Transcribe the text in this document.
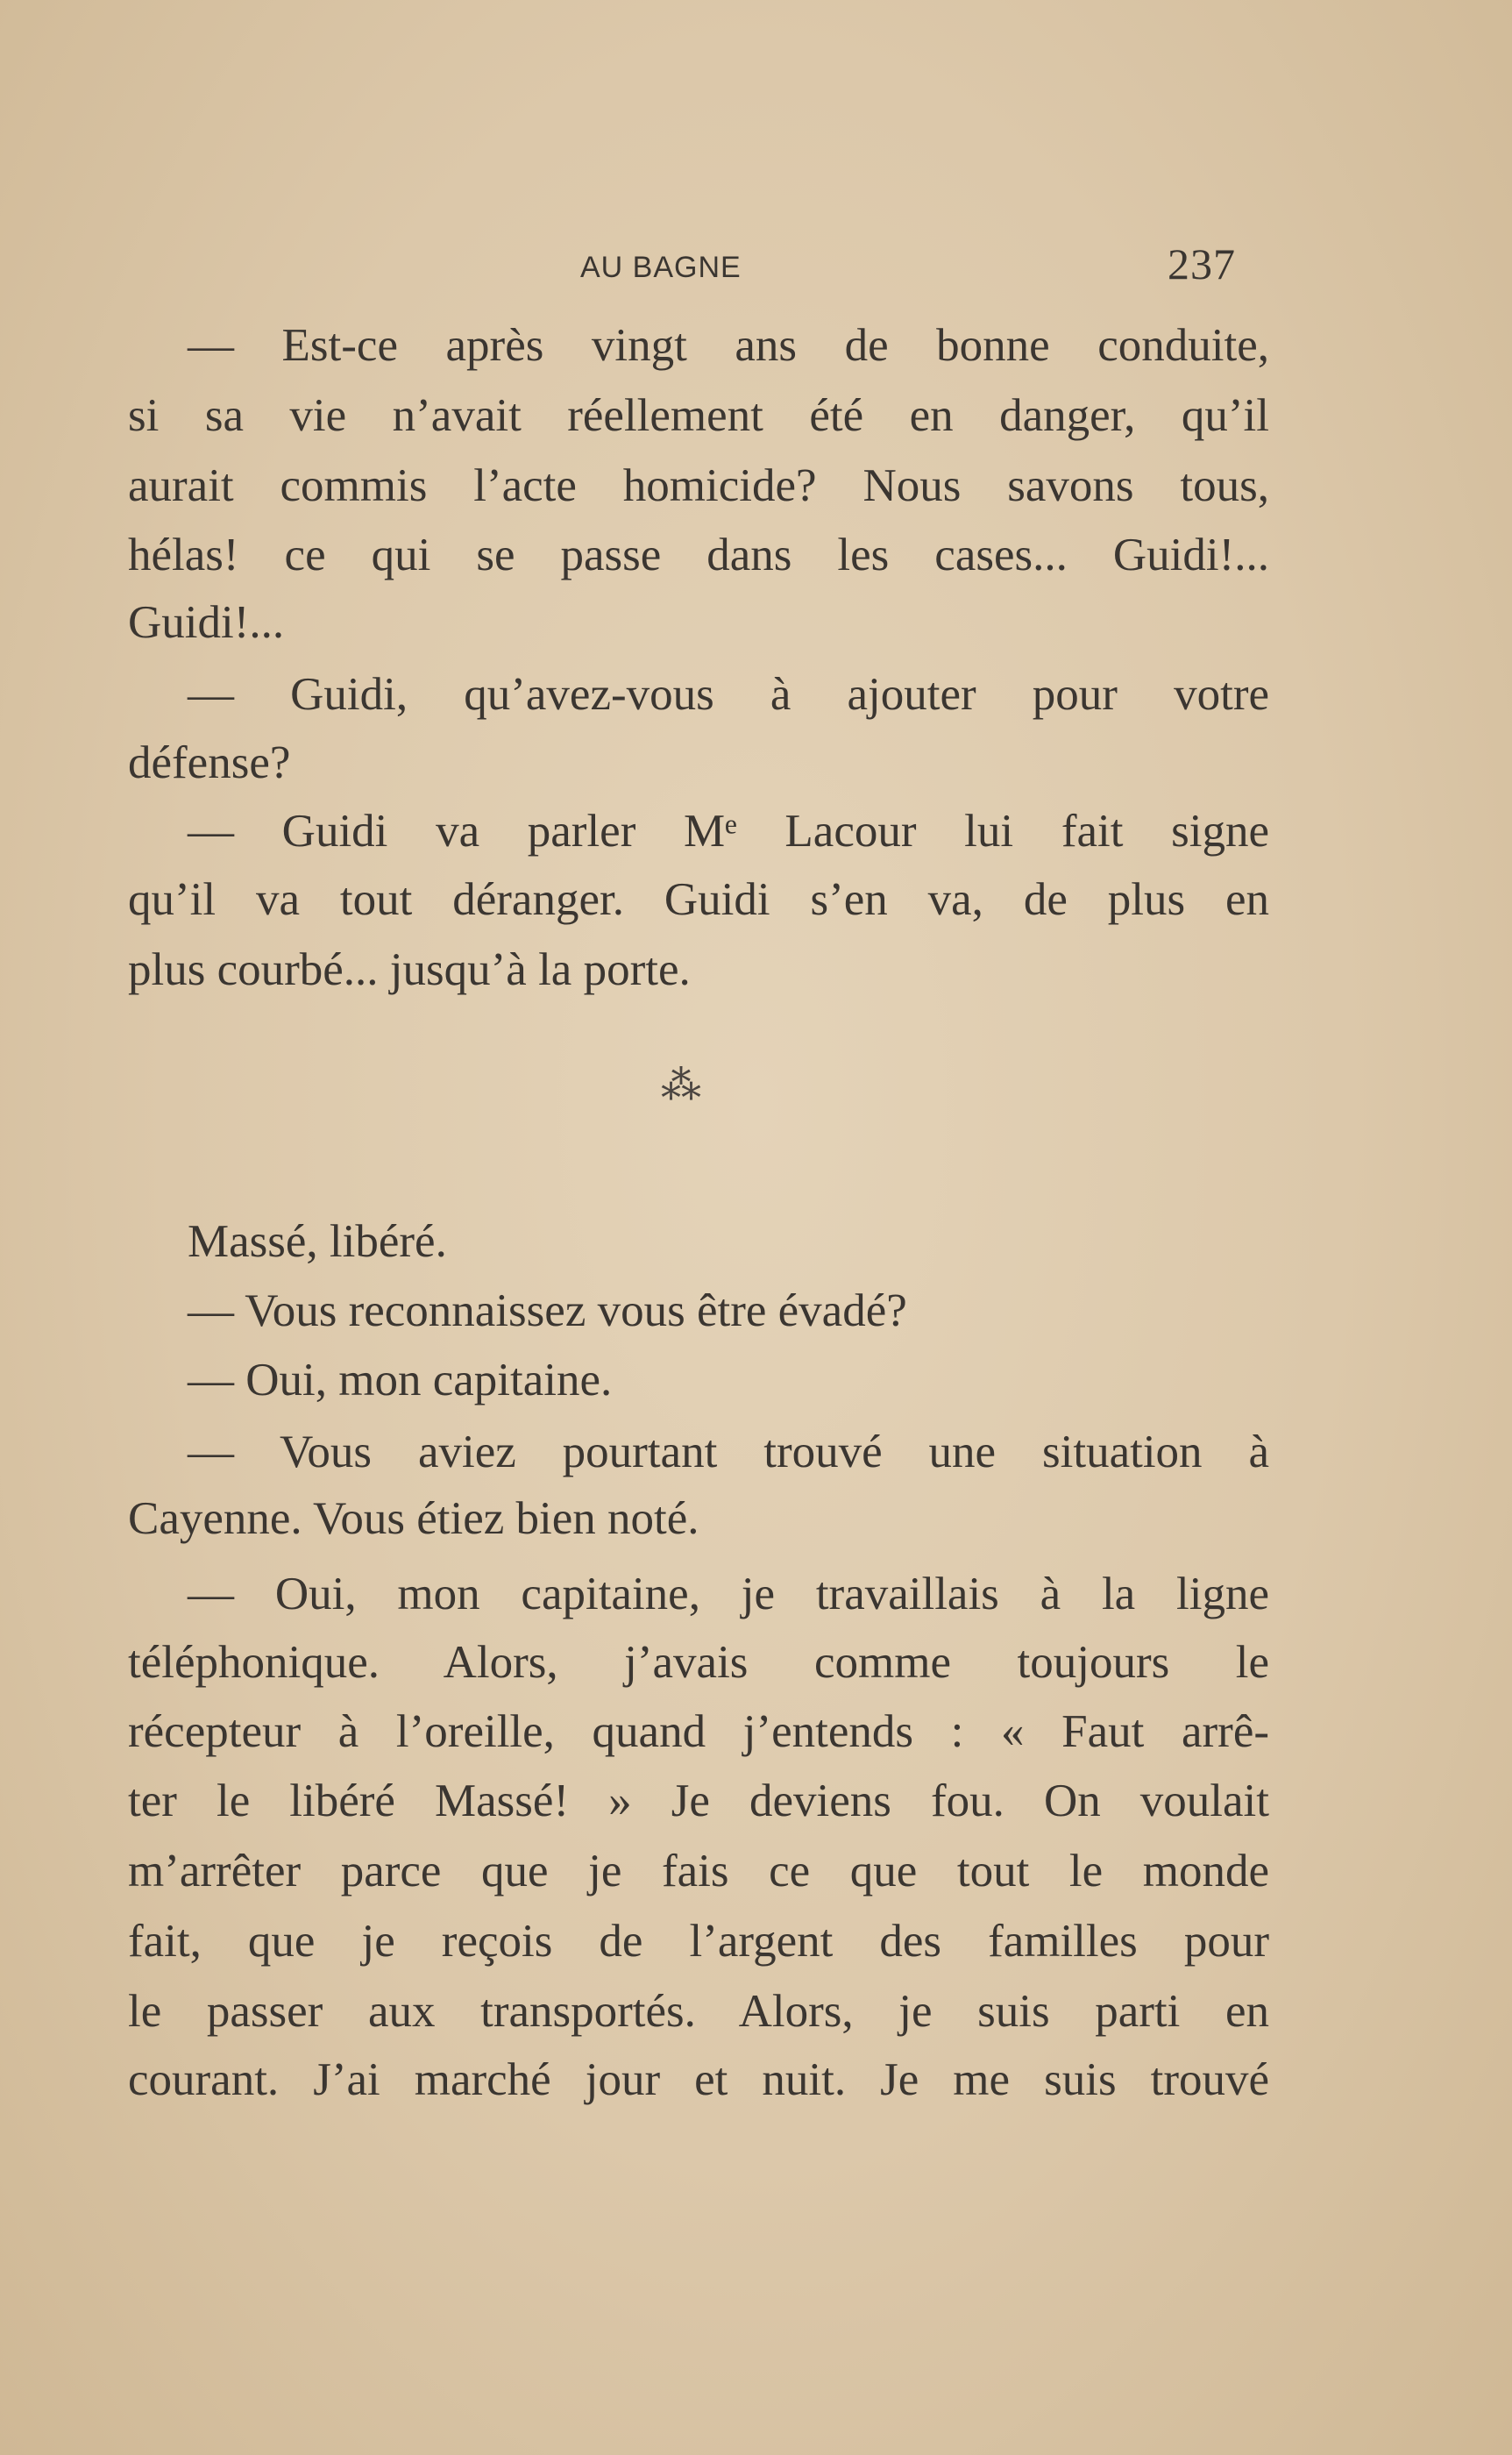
AU BAGNE	237
— Est-ce après vingt ans de bonne conduite,
si sa vie n’avait réellement été en danger, qu’il
aurait commis l’acte homicide? Nous savons tous,
hélas! ce qui se passe dans les cases... Guidi!...
Guidi!...
— Guidi, qu’avez-vous à ajouter pour votre
défense?
— Guidi va parler Mᵉ Lacour lui fait signe
qu’il va tout déranger. Guidi s’en va, de plus en
plus courbé... jusqu’à la porte.
⁂
Massé, libéré.
— Vous reconnaissez vous être évadé?
— Oui, mon capitaine.
— Vous aviez pourtant trouvé une situation à
Cayenne. Vous étiez bien noté.
— Oui, mon capitaine, je travaillais à la ligne
téléphonique. Alors, j’avais comme toujours le
récepteur à l’oreille, quand j’entends : « Faut arrê-
ter le libéré Massé! » Je deviens fou. On voulait
m’arrêter parce que je fais ce que tout le monde
fait, que je reçois de l’argent des familles pour
le passer aux transportés. Alors, je suis parti en
courant. J’ai marché jour et nuit. Je me suis trouvé
